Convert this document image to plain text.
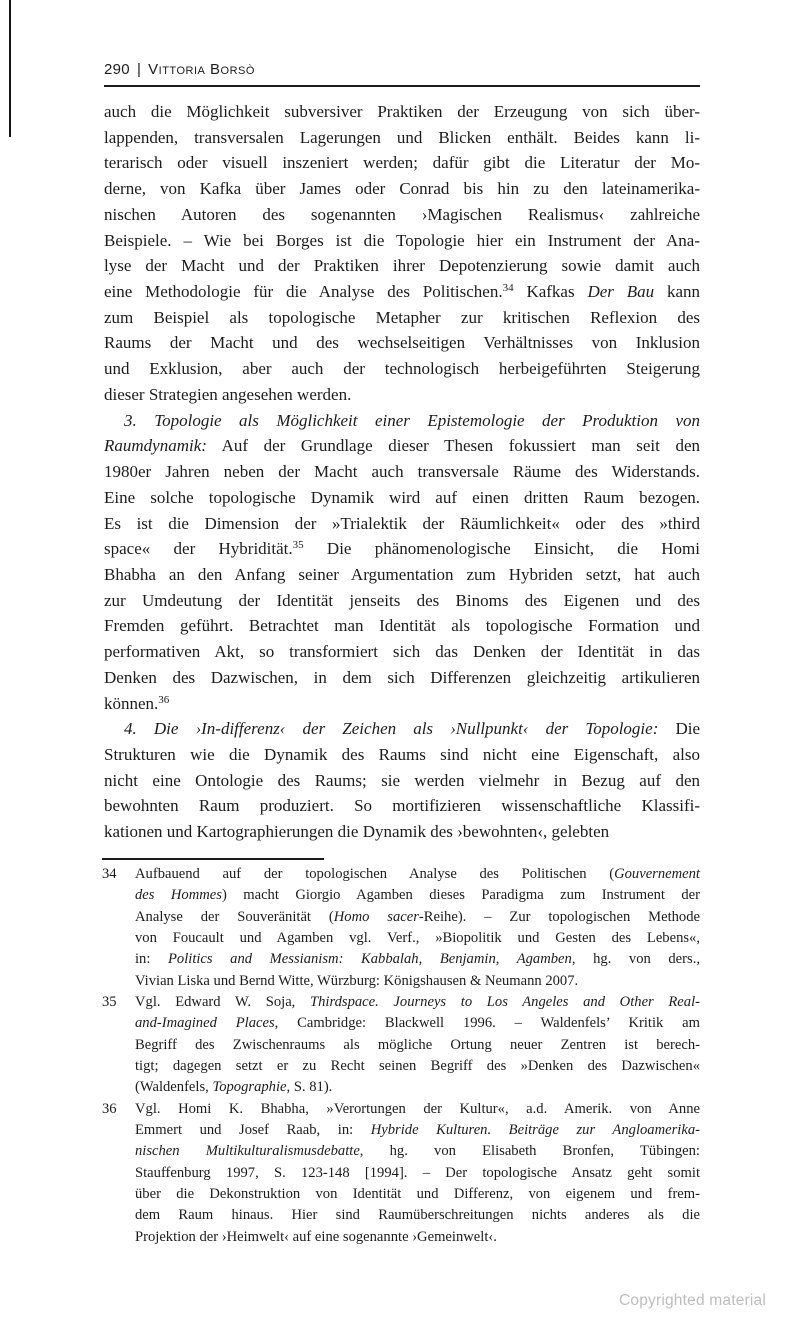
290 | Vittoria Borsò
auch die Möglichkeit subversiver Praktiken der Erzeugung von sich über-
lappenden, transversalen Lagerungen und Blicken enthält. Beides kann li-
terarisch oder visuell inszeniert werden; dafür gibt die Literatur der Mo-
derne, von Kafka über James oder Conrad bis hin zu den lateinamerika-
nischen Autoren des sogenannten ›Magischen Realismus‹ zahlreiche
Beispiele. – Wie bei Borges ist die Topologie hier ein Instrument der Ana-
lyse der Macht und der Praktiken ihrer Depotenzierung sowie damit auch
eine Methodologie für die Analyse des Politischen.$^{34}$ Kafkas Der Bau kann
zum Beispiel als topologische Metapher zur kritischen Reflexion des
Raums der Macht und des wechselseitigen Verhältnisses von Inklusion
und Exklusion, aber auch der technologisch herbeigeführten Steigerung
dieser Strategien angesehen werden.
3. Topologie als Möglichkeit einer Epistemologie der Produktion von
Raumdynamik: Auf der Grundlage dieser Thesen fokussiert man seit den
1980er Jahren neben der Macht auch transversale Räume des Widerstands.
Eine solche topologische Dynamik wird auf einen dritten Raum bezogen.
Es ist die Dimension der »Trialektik der Räumlichkeit« oder des »third
space« der Hybridität.$^{35}$ Die phänomenologische Einsicht, die Homi
Bhabha an den Anfang seiner Argumentation zum Hybriden setzt, hat auch
zur Umdeutung der Identität jenseits des Binoms des Eigenen und des
Fremden geführt. Betrachtet man Identität als topologische Formation und
performativen Akt, so transformiert sich das Denken der Identität in das
Denken des Dazwischen, in dem sich Differenzen gleichzeitig artikulieren
können.$^{36}$
4. Die ›In-differenz‹ der Zeichen als ›Nullpunkt‹ der Topologie: Die
Strukturen wie die Dynamik des Raums sind nicht eine Eigenschaft, also
nicht eine Ontologie des Raums; sie werden vielmehr in Bezug auf den
bewohnten Raum produziert. So mortifizieren wissenschaftliche Klassifi-
kationen und Kartographierungen die Dynamik des ›bewohnten‹, gelebten
34 Aufbauend auf der topologischen Analyse des Politischen (Gouvernement
des Hommes) macht Giorgio Agamben dieses Paradigma zum Instrument der
Analyse der Souveränität (Homo sacer-Reihe). – Zur topologischen Methode
von Foucault und Agamben vgl. Verf., »Biopolitik und Gesten des Lebens«,
in: Politics and Messianism: Kabbalah, Benjamin, Agamben, hg. von ders.,
Vivian Liska und Bernd Witte, Würzburg: Königshausen & Neumann 2007.
35 Vgl. Edward W. Soja, Thirdspace. Journeys to Los Angeles and Other Real-
and-Imagined Places, Cambridge: Blackwell 1996. – Waldenfels’ Kritik am
Begriff des Zwischenraums als mögliche Ortung neuer Zentren ist berech-
tigt; dagegen setzt er zu Recht seinen Begriff des »Denken des Dazwischen«
(Waldenfels, Topographie, S. 81).
36 Vgl. Homi K. Bhabha, »Verortungen der Kultur«, a.d. Amerik. von Anne
Emmert und Josef Raab, in: Hybride Kulturen. Beiträge zur Angloamerika-
nischen Multikulturalismusdebatte, hg. von Elisabeth Bronfen, Tübingen:
Stauffenburg 1997, S. 123-148 [1994]. – Der topologische Ansatz geht somit
über die Dekonstruktion von Identität und Differenz, von eigenem und frem-
dem Raum hinaus. Hier sind Raumüberschreitungen nichts anderes als die
Projektion der ›Heimwelt‹ auf eine sogenannte ›Gemeinwelt‹.
Copyrighted material
